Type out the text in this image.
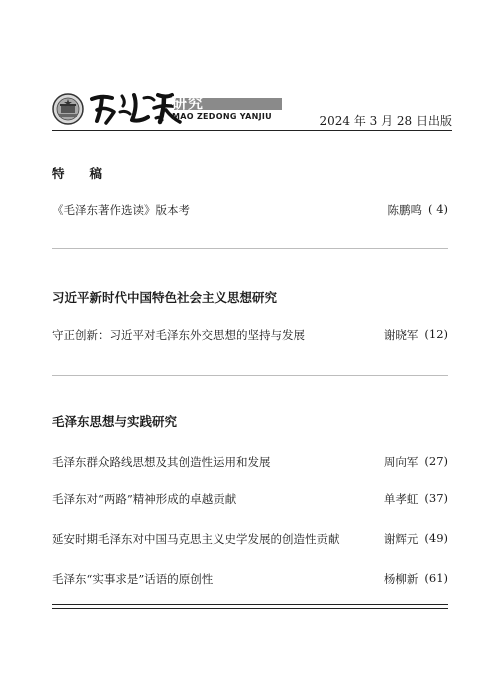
研究
MAO ZEDONG YANJIU	2024 年 3 月 28 日出版
特　　稿
《毛泽东著作选读》版本考	陈鹏鸣 ( 4)
习近平新时代中国特色社会主义思想研究
守正创新：习近平对毛泽东外交思想的坚持与发展	谢晓军 (12)
毛泽东思想与实践研究
毛泽东群众路线思想及其创造性运用和发展	周向军 (27)
毛泽东对“两路”精神形成的卓越贡献	单孝虹 (37)
延安时期毛泽东对中国马克思主义史学发展的创造性贡献	谢辉元 (49)
毛泽东“实事求是”话语的原创性	杨柳新 (61)
